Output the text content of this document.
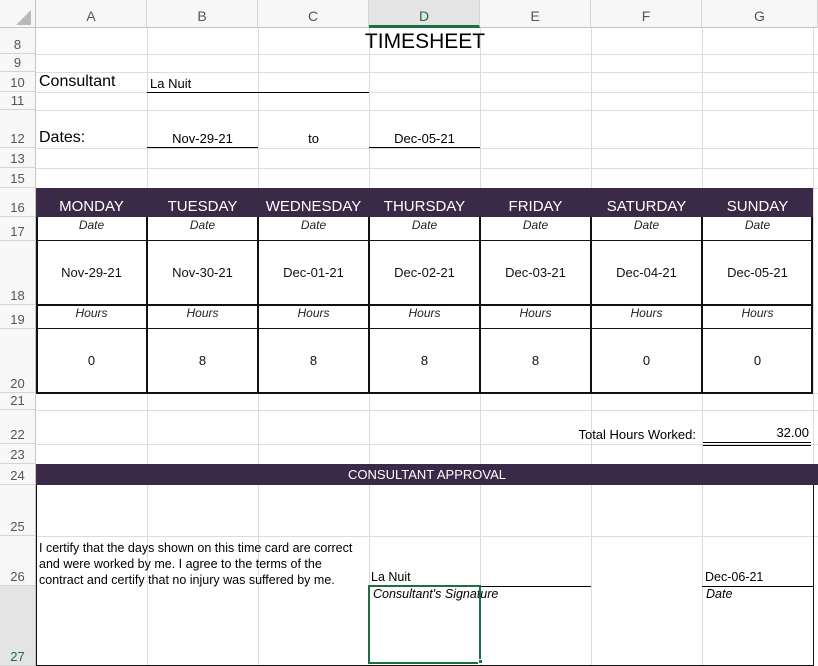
A	B	C	D	E	F	G
8
9
10
11
12
13
15
16
17
18
19
20
21
22
23
24
25
26
27
TIMESHEET
Consultant	La Nuit
Dates:	Nov-29-21	to	Dec-05-21
MONDAY	TUESDAY	WEDNESDAY	THURSDAY	FRIDAY	SATURDAY	SUNDAY
Date	Date	Date	Date	Date	Date	Date
Nov-29-21	Nov-30-21	Dec-01-21	Dec-02-21	Dec-03-21	Dec-04-21	Dec-05-21
Hours	Hours	Hours	Hours	Hours	Hours	Hours
0	8	8	8	8	0	0
Total Hours Worked:	32.00
CONSULTANT APPROVAL
I certify that the days shown on this time card are correct and were worked by me. I agree to the terms of the contract and certify that no injury was suffered by me.	La Nuit
Consultant's Signature
Dec-06-21
Date
